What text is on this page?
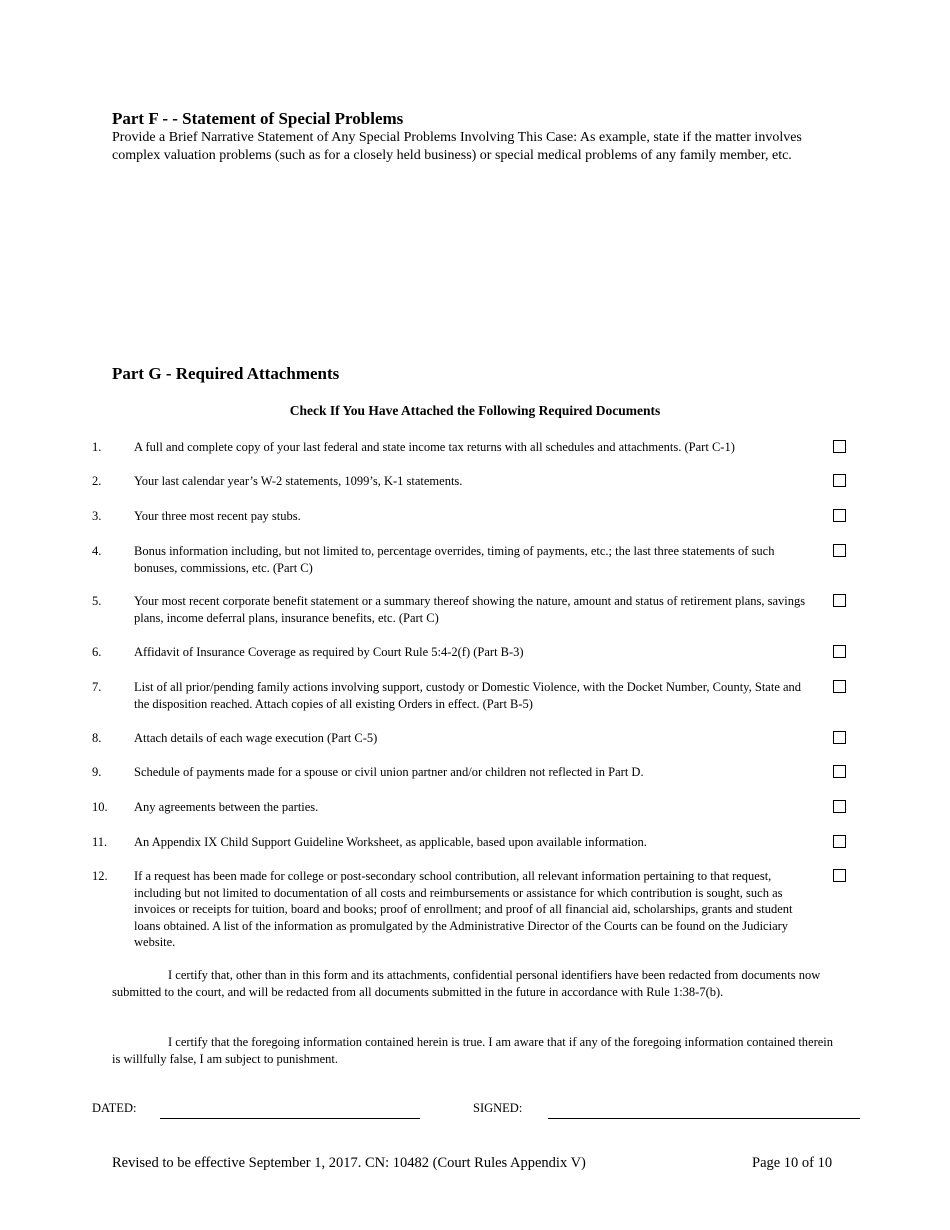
Part F - - Statement of Special Problems
Provide a Brief Narrative Statement of Any Special Problems Involving This Case: As example, state if the matter involves complex valuation problems (such as for a closely held business) or special medical problems of any family member, etc.
Part G - Required Attachments
Check If You Have Attached the Following Required Documents
1.	A full and complete copy of your last federal and state income tax returns with all schedules and attachments. (Part C-1)
2.	Your last calendar year’s W-2 statements, 1099’s, K-1 statements.
3.	Your three most recent pay stubs.
4.	Bonus information including, but not limited to, percentage overrides, timing of payments, etc.; the last three statements of such bonuses, commissions, etc. (Part C)
5.	Your most recent corporate benefit statement or a summary thereof showing the nature, amount and status of retirement plans, savings plans, income deferral plans, insurance benefits, etc. (Part C)
6.	Affidavit of Insurance Coverage as required by Court Rule 5:4-2(f) (Part B-3)
7.	List of all prior/pending family actions involving support, custody or Domestic Violence, with the Docket Number, County, State and the disposition reached. Attach copies of all existing Orders in effect. (Part B-5)
8.	Attach details of each wage execution (Part C-5)
9.	Schedule of payments made for a spouse or civil union partner and/or children not reflected in Part D.
10. Any agreements between the parties.
11. An Appendix IX Child Support Guideline Worksheet, as applicable, based upon available information.
12. If a request has been made for college or post-secondary school contribution, all relevant information pertaining to that request, including but not limited to documentation of all costs and reimbursements or assistance for which contribution is sought, such as invoices or receipts for tuition, board and books; proof of enrollment; and proof of all financial aid, scholarships, grants and student loans obtained. A list of the information as promulgated by the Administrative Director of the Courts can be found on the Judiciary website.
I certify that, other than in this form and its attachments, confidential personal identifiers have been redacted from documents now submitted to the court, and will be redacted from all documents submitted in the future in accordance with Rule 1:38-7(b).
I certify that the foregoing information contained herein is true. I am aware that if any of the foregoing information contained therein is willfully false, I am subject to punishment.
DATED:	SIGNED:
Revised to be effective September 1, 2017. CN: 10482 (Court Rules Appendix V)	Page 10 of 10
